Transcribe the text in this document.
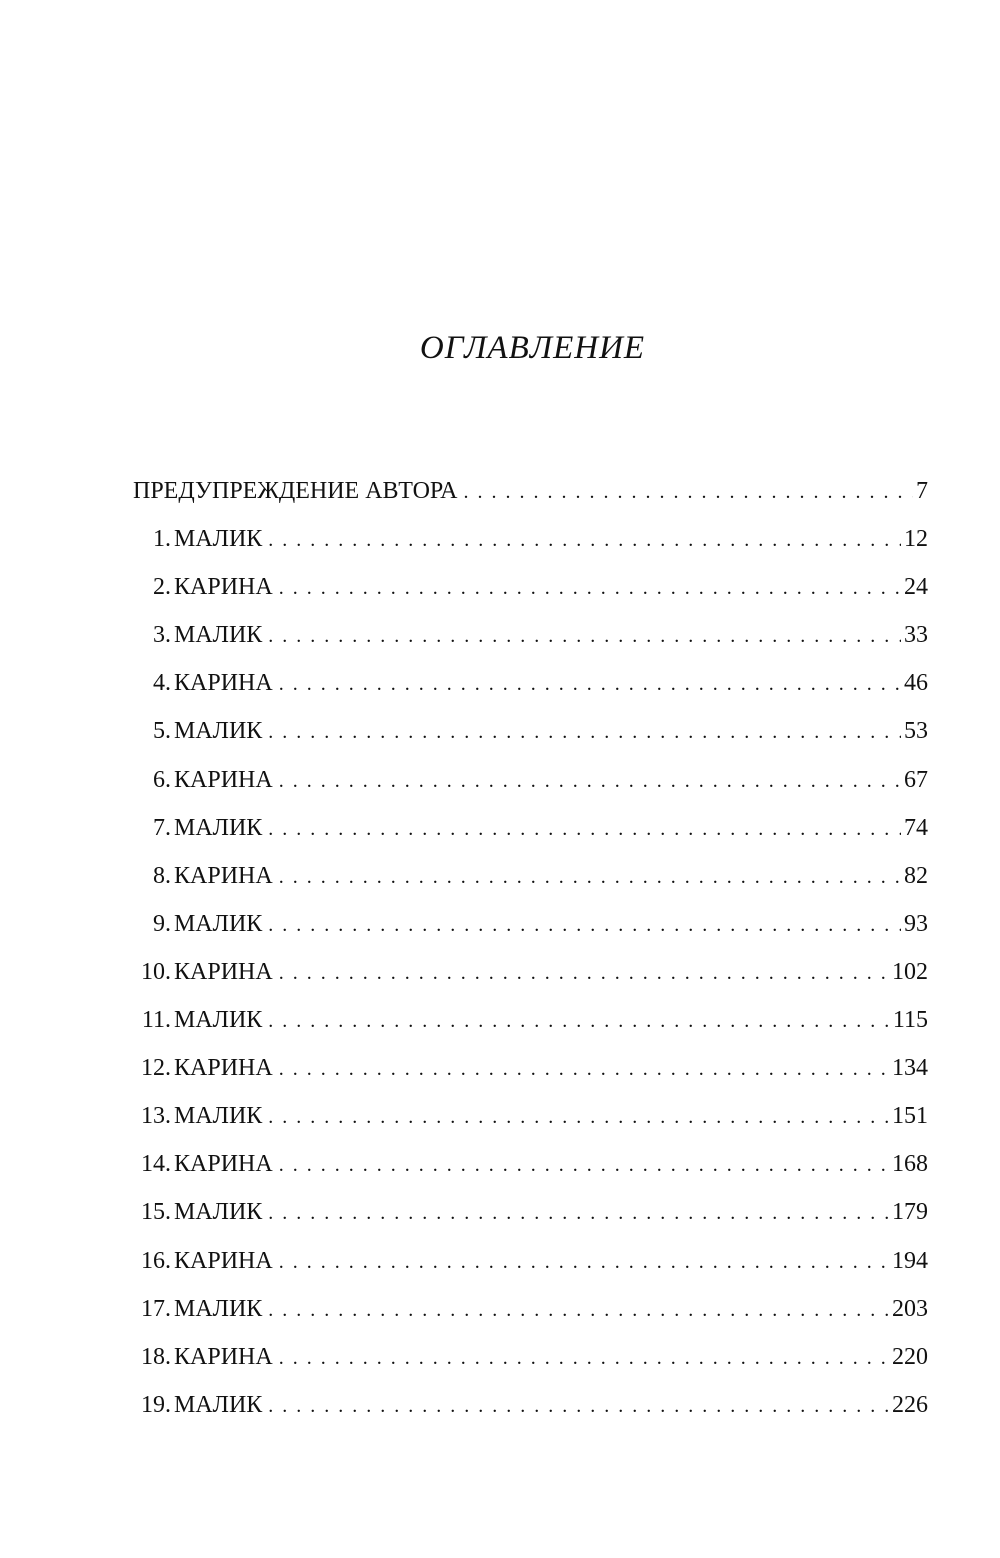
ОГЛАВЛЕНИЕ
ПРЕДУПРЕЖДЕНИЕ АВТОРА . . .	7
1. МАЛИК . . .	12
2. КАРИНА . . .	24
3. МАЛИК . . .	33
4. КАРИНА . . .	46
5. МАЛИК . . .	53
6. КАРИНА . . .	67
7. МАЛИК . . .	74
8. КАРИНА . . .	82
9. МАЛИК . . .	93
10. КАРИНА . . .	102
11. МАЛИК . . .	115
12. КАРИНА . . .	134
13. МАЛИК . . .	151
14. КАРИНА . . .	168
15. МАЛИК . . .	179
16. КАРИНА . . .	194
17. МАЛИК . . .	203
18. КАРИНА . . .	220
19. МАЛИК . . .	226
